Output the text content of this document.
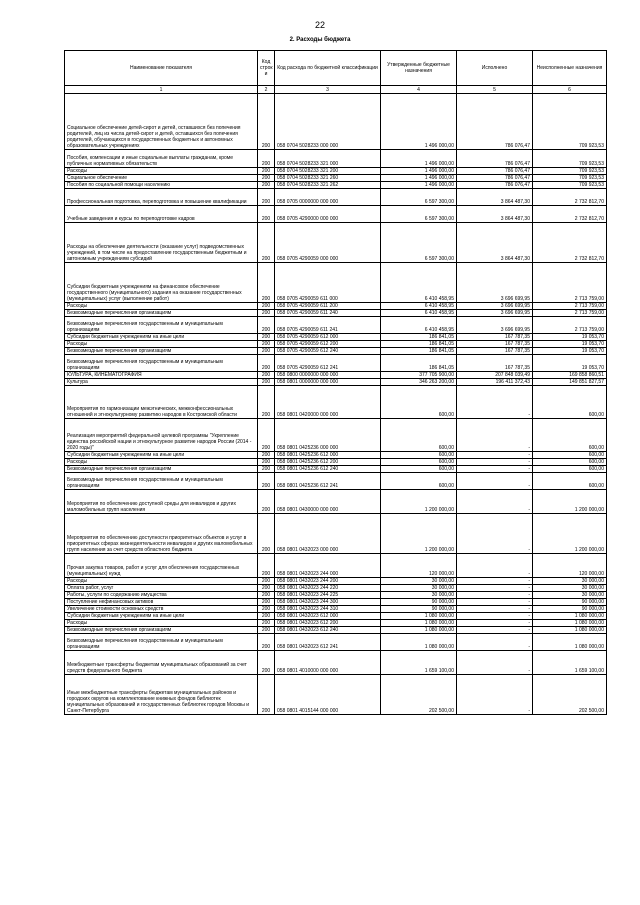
22
2. Расходы бюджета
Наименование показателя	Код строк и	Код расхода по бюджетной классификации	Утвержденные бюджетные назначения	Исполнено	Неисполненные назначения
1	2	3	4	5	6
Социальное обеспечение детей-сирот и детей, оставшихся без попечения родителей, лиц из числа детей-сирот и детей, оставшихся без попечения родителей, обучающихся в государственных бюджетных и автономных образовательных учреждениях	200	058 0704 5028233 000 000	1 496 000,00	786 076,47	709 923,53
Пособия, компенсации и иные социальные выплаты гражданам, кроме публичных нормативных обязательств	200	058 0704 5028233 321 000	1 496 000,00	786 076,47	709 923,53
Расходы	200	058 0704 5028233 321 200	1 496 000,00	786 076,47	709 923,53
Социальное обеспечение	200	058 0704 5028233 321 260	1 496 000,00	786 076,47	709 923,53
Пособия по социальной помощи населению	200	058 0704 5028233 321 262	1 496 000,00	786 076,47	709 923,53
Профессиональная подготовка, переподготовка и повышение квалификации	200	058 0705 0000000 000 000	6 597 300,00	3 864 487,30	2 732 812,70
Учебные заведения и курсы по переподготовке кадров	200	058 0705 4290000 000 000	6 597 300,00	3 864 487,30	2 732 812,70
Расходы на обеспечение деятельности (оказание услуг) подведомственных учреждений, в том числе на предоставление государственным бюджетным и автономным учреждениям субсидий	200	058 0705 4290059 000 000	6 597 300,00	3 864 487,30	2 732 812,70
Субсидии бюджетным учреждениям на финансовое обеспечение государственного (муниципального) задания на оказание государственных (муниципальных) услуг (выполнение работ)	200	058 0705 4290059 611 000	6 410 458,95	3 696 699,95	2 713 759,00
Расходы	200	058 0705 4290059 611 200	6 410 458,95	3 696 699,95	2 713 759,00
Безвозмездные перечисления организациям	200	058 0705 4290059 611 240	6 410 458,95	3 696 699,95	2 713 759,00
Безвозмездные перечисления государственным и муниципальным организациям	200	058 0705 4290059 611 241	6 410 458,95	3 696 699,95	2 713 759,00
Субсидии бюджетным учреждениям на иные цели	200	058 0705 4290059 612 000	186 841,05	167 787,35	19 053,70
Расходы	200	058 0705 4290059 612 200	186 841,05	167 787,35	19 053,70
Безвозмездные перечисления организациям	200	058 0705 4290059 612 240	186 841,05	167 787,35	19 053,70
Безвозмездные перечисления государственным и муниципальным организациям	200	058 0705 4290059 612 241	186 841,05	167 787,35	19 053,70
КУЛЬТУРА, КИНЕМАТОГРАФИЯ	200	058 0800 0000000 000 000	377 705 900,00	207 848 039,49	169 858 860,51
Культура	200	058 0801 0000000 000 000	346 263 200,00	196 411 372,43	149 851 827,57
Мероприятия по гармонизации межэтнических, межконфессиональных отношений и этнокультурному развитию народов в Костромской области	200	058 0801 0420000 000 000	600,00	-	600,00
Реализация мероприятий федеральной целевой программы "Укрепление единства российской нации и этнокультурное развитие народов России (2014 - 2020 годы)"	200	058 0801 0425236 000 000	600,00	-	600,00
Субсидии бюджетным учреждениям на иные цели	200	058 0801 0425236 612 000	600,00	-	600,00
Расходы	200	058 0801 0425236 612 200	600,00	-	600,00
Безвозмездные перечисления организациям	200	058 0801 0425236 612 240	600,00	-	600,00
Безвозмездные перечисления государственным и муниципальным организациям	200	058 0801 0425236 612 241	600,00	-	600,00
Мероприятия по обеспечению доступной среды для инвалидов и других маломобильных групп населения	200	058 0801 0430000 000 000	1 200 000,00	-	1 200 000,00
Мероприятия по обеспечению доступности приоритетных объектов и услуг в приоритетных сферах жизнедеятельности инвалидов и других маломобильных групп населения за счет средств областного бюджета	200	058 0801 0432023 000 000	1 200 000,00	-	1 200 000,00
Прочая закупка товаров, работ и услуг для обеспечения государственных (муниципальных) нужд	200	058 0801 0432023 244 000	120 000,00	-	120 000,00
Расходы	200	058 0801 0432023 244 200	30 000,00	-	30 000,00
Оплата работ, услуг	200	058 0801 0432023 244 220	30 000,00	-	30 000,00
Работы, услуги по содержанию имущества	200	058 0801 0432023 244 225	30 000,00	-	30 000,00
Поступление нефинансовых активов	200	058 0801 0432023 244 300	90 000,00	-	90 000,00
Увеличение стоимости основных средств	200	058 0801 0432023 244 310	90 000,00	-	90 000,00
Субсидии бюджетным учреждениям на иные цели	200	058 0801 0432023 612 000	1 080 000,00	-	1 080 000,00
Расходы	200	058 0801 0432023 612 200	1 080 000,00	-	1 080 000,00
Безвозмездные перечисления организациям	200	058 0801 0432023 612 240	1 080 000,00	-	1 080 000,00
Безвозмездные перечисления государственным и муниципальным организациям	200	058 0801 0432023 612 241	1 080 000,00	-	1 080 000,00
Межбюджетные трансферты бюджетам муниципальных образований за счет средств федерального бюджета	200	058 0801 4010000 000 000	1 659 100,00	-	1 659 100,00
Иные межбюджетные трансферты бюджетам муниципальных районов и городских округов на комплектование книжных фондов библиотек муниципальных образований и государственных библиотек городов Москвы и Санкт-Петербурга	200	058 0801 4015144 000 000	202 500,00	-	202 500,00
